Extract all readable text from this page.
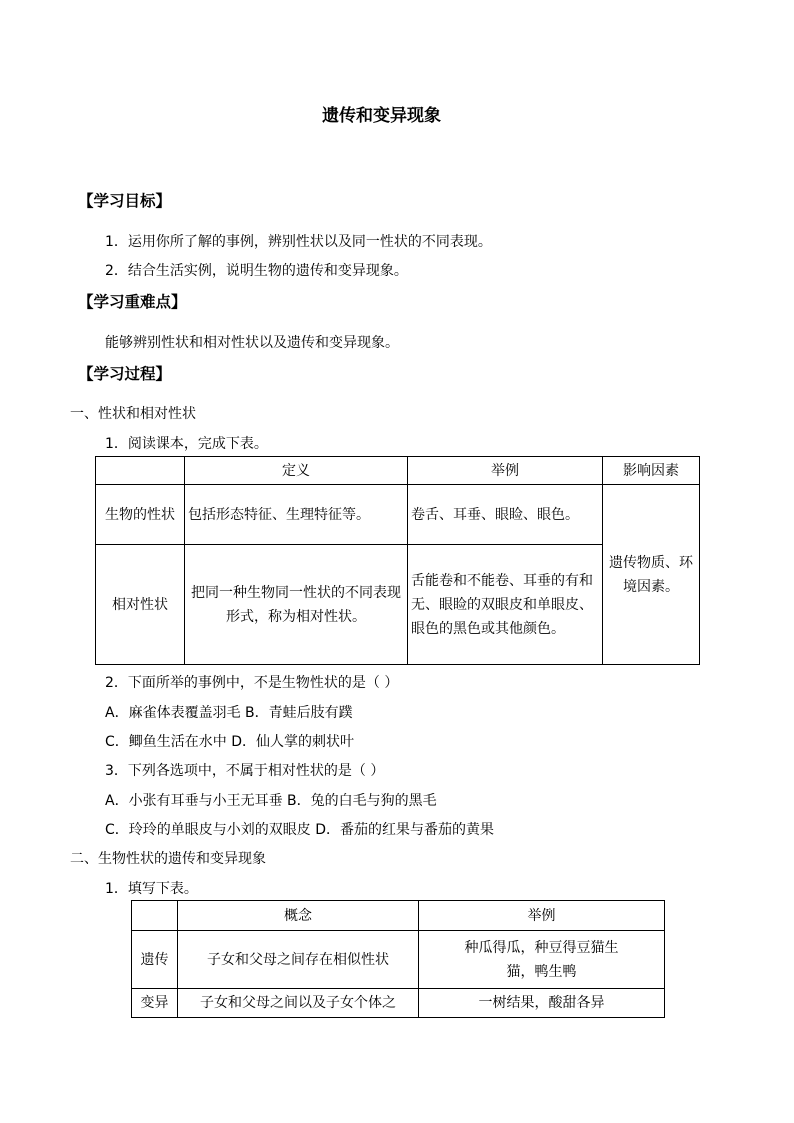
遗传和变异现象
【学习目标】
1．运用你所了解的事例，辨别性状以及同一性状的不同表现。
2．结合生活实例，说明生物的遗传和变异现象。
【学习重难点】
能够辨别性状和相对性状以及遗传和变异现象。
【学习过程】
一、性状和相对性状
1．阅读课本，完成下表。
	定义	举例	影响因素
生物的性状	包括形态特征、生理特征等。	卷舌、耳垂、眼睑、眼色。	遗传物质、环境因素。
相对性状	把同一种生物同一性状的不同表现形式，称为相对性状。	舌能卷和不能卷、耳垂的有和无、眼睑的双眼皮和单眼皮、眼色的黑色或其他颜色。	
2．下面所举的事例中，不是生物性状的是（ ）
A．麻雀体表覆盖羽毛 B．青蛙后肢有蹼
C．鲫鱼生活在水中 D．仙人掌的刺状叶
3．下列各选项中，不属于相对性状的是（ ）
A．小张有耳垂与小王无耳垂 B．兔的白毛与狗的黑毛
C．玲玲的单眼皮与小刘的双眼皮 D．番茄的红果与番茄的黄果
二、生物性状的遗传和变异现象
1．填写下表。
	概念	举例
遗传	子女和父母之间存在相似性状	种瓜得瓜，种豆得豆猫生猫，鸭生鸭
变异	子女和父母之间以及子女个体之	一树结果，酸甜各异
